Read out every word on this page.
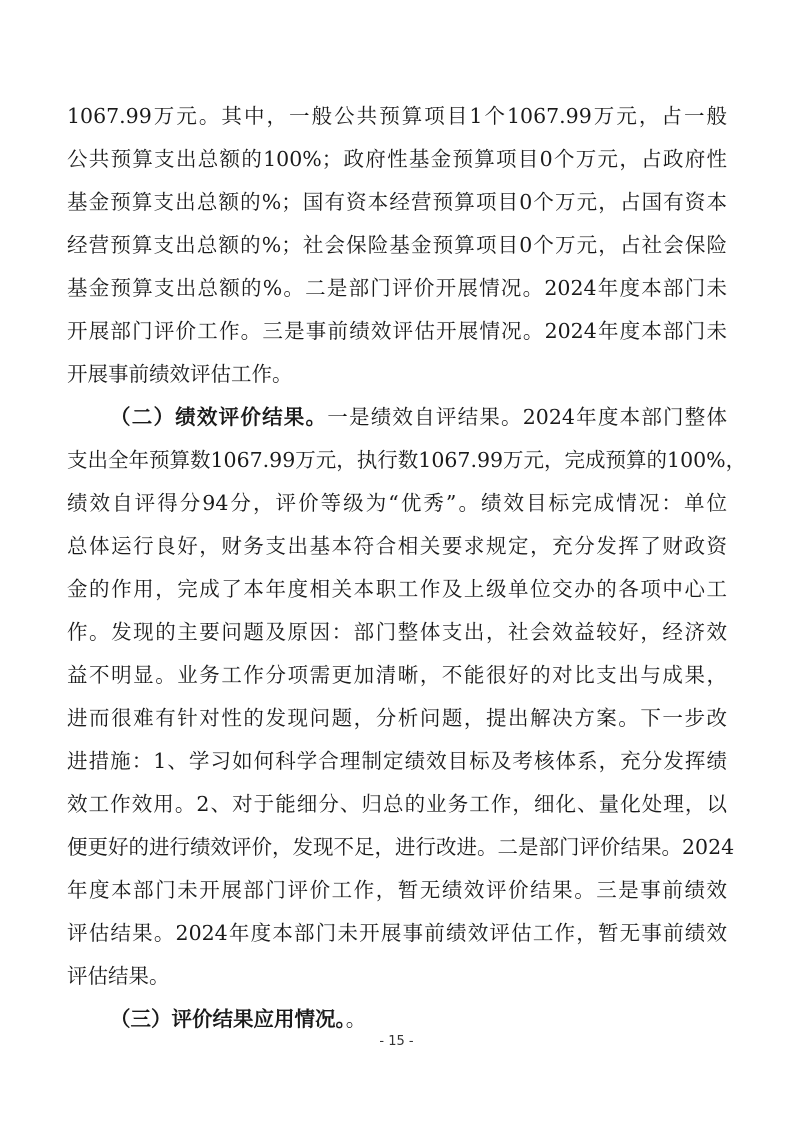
1067.99万元。其中，一般公共预算项目1个1067.99万元，占一般
公共预算支出总额的100%；政府性基金预算项目0个万元，占政府性
基金预算支出总额的%；国有资本经营预算项目0个万元，占国有资本
经营预算支出总额的%；社会保险基金预算项目0个万元，占社会保险
基金预算支出总额的%。二是部门评价开展情况。2024年度本部门未
开展部门评价工作。三是事前绩效评估开展情况。2024年度本部门未
开展事前绩效评估工作。
（二）绩效评价结果。一是绩效自评结果。2024年度本部门整体
支出全年预算数1067.99万元，执行数1067.99万元，完成预算的100%，
绩效自评得分94分，评价等级为“优秀”。绩效目标完成情况：单位
总体运行良好，财务支出基本符合相关要求规定，充分发挥了财政资
金的作用，完成了本年度相关本职工作及上级单位交办的各项中心工
作。发现的主要问题及原因：部门整体支出，社会效益较好，经济效
益不明显。业务工作分项需更加清晰，不能很好的对比支出与成果，
进而很难有针对性的发现问题，分析问题，提出解决方案。下一步改
进措施：1、学习如何科学合理制定绩效目标及考核体系，充分发挥绩
效工作效用。2、对于能细分、归总的业务工作，细化、量化处理，以
便更好的进行绩效评价，发现不足，进行改进。二是部门评价结果。2024
年度本部门未开展部门评价工作，暂无绩效评价结果。三是事前绩效
评估结果。2024年度本部门未开展事前绩效评估工作，暂无事前绩效
评估结果。
（三）评价结果应用情况。。
- 15 -
